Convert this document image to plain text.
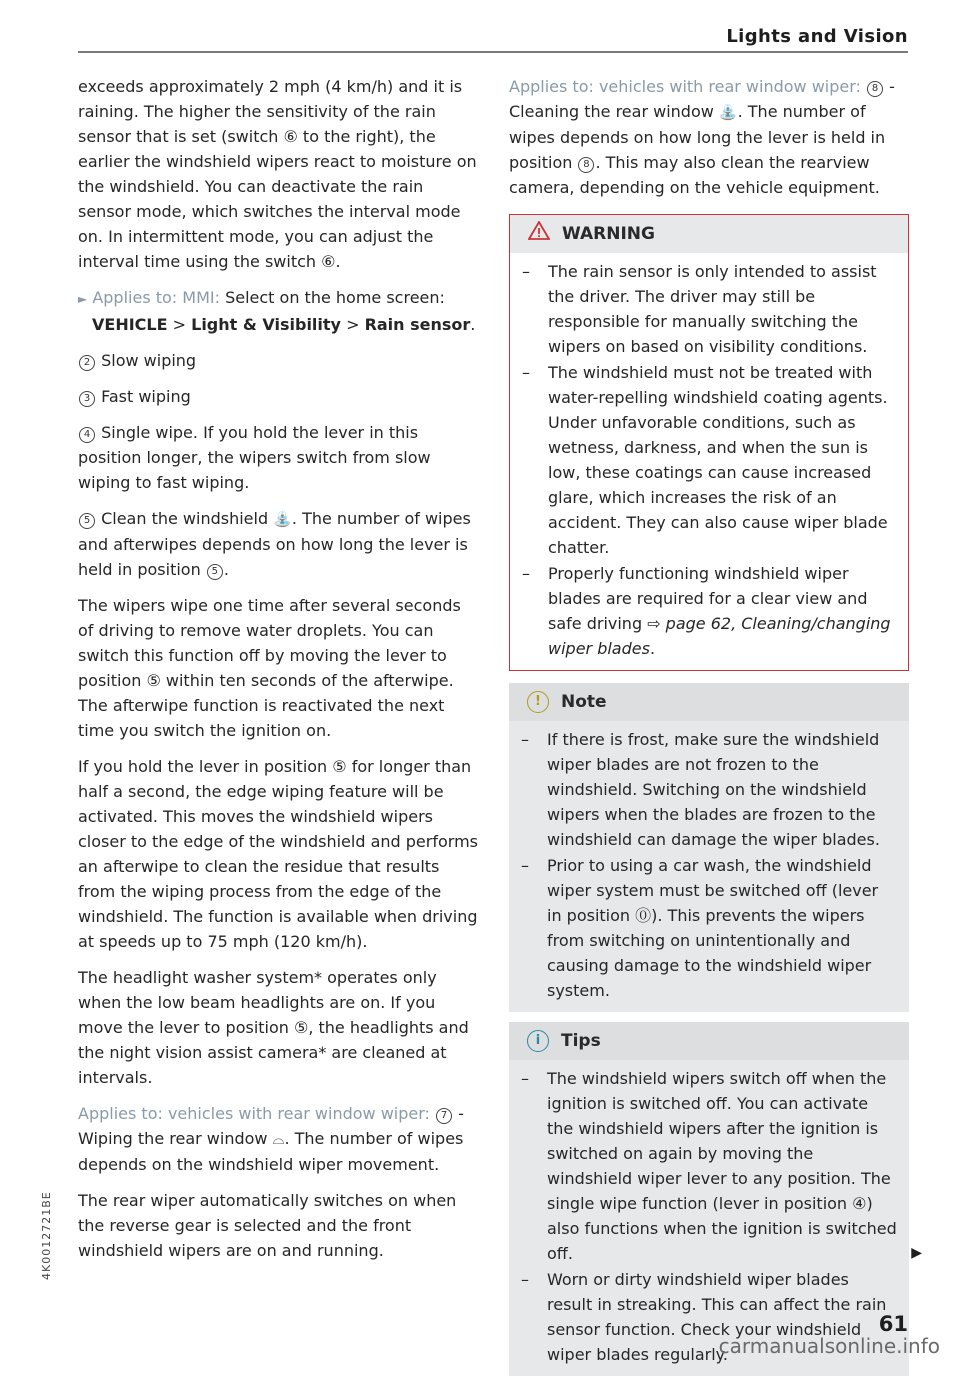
Lights and Vision

exceeds approximately 2 mph (4 km/h) and it is raining. The higher the sensitivity of the rain sensor that is set (switch ⑥ to the right), the earlier the windshield wipers react to moisture on the windshield. You can deactivate the rain sensor mode, which switches the interval mode on. In intermittent mode, you can adjust the interval time using the switch ⑥.

► Applies to: MMI: Select on the home screen:
VEHICLE > Light & Visibility > Rain sensor.

2 Slow wiping

3 Fast wiping

4 Single wipe. If you hold the lever in this position longer, the wipers switch from slow wiping to fast wiping.

5 Clean the windshield ⛲. The number of wipes and afterwipes depends on how long the lever is held in position 5 .

The wipers wipe one time after several seconds of driving to remove water droplets. You can switch this function off by moving the lever to position ⑤ within ten seconds of the afterwipe. The afterwipe function is reactivated the next time you switch the ignition on.

If you hold the lever in position ⑤ for longer than half a second, the edge wiping feature will be activated. This moves the windshield wipers closer to the edge of the windshield and performs an afterwipe to clean the residue that results from the wiping process from the edge of the windshield. The function is available when driving at speeds up to 75 mph (120 km/h).

The headlight washer system* operates only when the low beam headlights are on. If you move the lever to position ⑤, the headlights and the night vision assist camera* are cleaned at intervals.

Applies to: vehicles with rear window wiper: 7 - Wiping the rear window ⌓. The number of wipes depends on the windshield wiper movement.

The rear wiper automatically switches on when the reverse gear is selected and the front windshield wipers are on and running.

Applies to: vehicles with rear window wiper: 8 - Cleaning the rear window ⛲. The number of wipes depends on how long the lever is held in position 8 . This may also clean the rearview camera, depending on the vehicle equipment.

WARNING
– The rain sensor is only intended to assist the driver. The driver may still be responsible for manually switching the wipers on based on visibility conditions.
– The windshield must not be treated with water-repelling windshield coating agents. Under unfavorable conditions, such as wetness, darkness, and when the sun is low, these coatings can cause increased glare, which increases the risk of an accident. They can also cause wiper blade chatter.
– Properly functioning windshield wiper blades are required for a clear view and safe driving ⇨ page 62, Cleaning/changing wiper blades.
!	Note
– If there is frost, make sure the windshield wiper blades are not frozen to the windshield. Switching on the windshield wipers when the blades are frozen to the windshield can damage the wiper blades.
– Prior to using a car wash, the windshield wiper system must be switched off (lever in position ⓪). This prevents the wipers from switching on unintentionally and causing damage to the windshield wiper system.
i	Tips
– The windshield wipers switch off when the ignition is switched off. You can activate the windshield wipers after the ignition is switched on again by moving the windshield wiper lever to any position. The single wipe function (lever in position ④) also functions when the ignition is switched off.
– Worn or dirty windshield wiper blades result in streaking. This can affect the rain sensor function. Check your windshield wiper blades regularly.
▶
61
4K0012721BE
carmanualsonline.info
